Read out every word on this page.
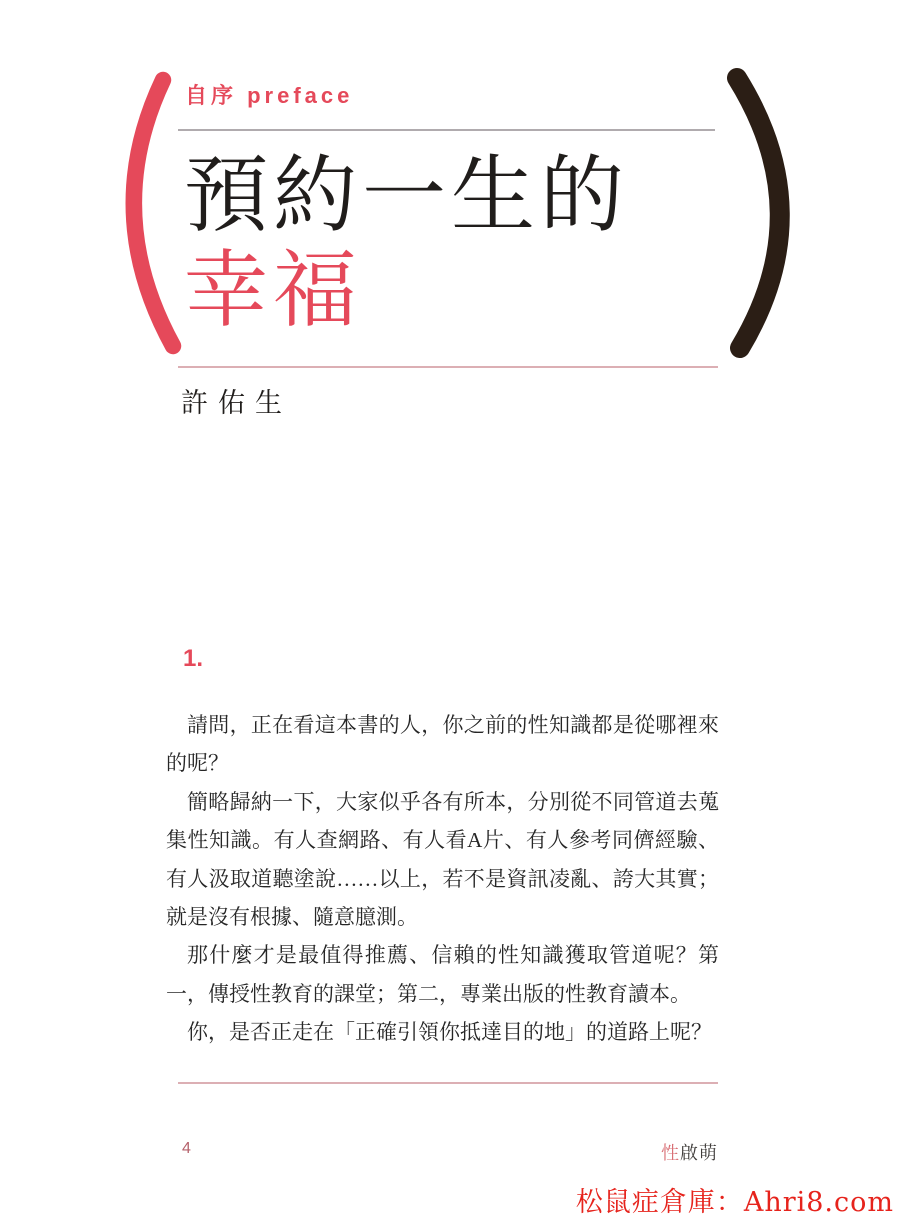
自序 preface
預約一生的
幸福
許佑生
1.

請問，正在看這本書的人，你之前的性知識都是從哪裡來的呢？

簡略歸納一下，大家似乎各有所本，分別從不同管道去蒐集性知識。有人查網路、有人看A片、有人參考同儕經驗、有人汲取道聽塗說……以上，若不是資訊凌亂、誇大其實；就是沒有根據、隨意臆測。

那什麼才是最值得推薦、信賴的性知識獲取管道呢？第一，傳授性教育的課堂；第二，專業出版的性教育讀本。

你，是否正走在「正確引領你抵達目的地」的道路上呢？

4	性啟萌
松鼠症倉庫：Ahri8.com
